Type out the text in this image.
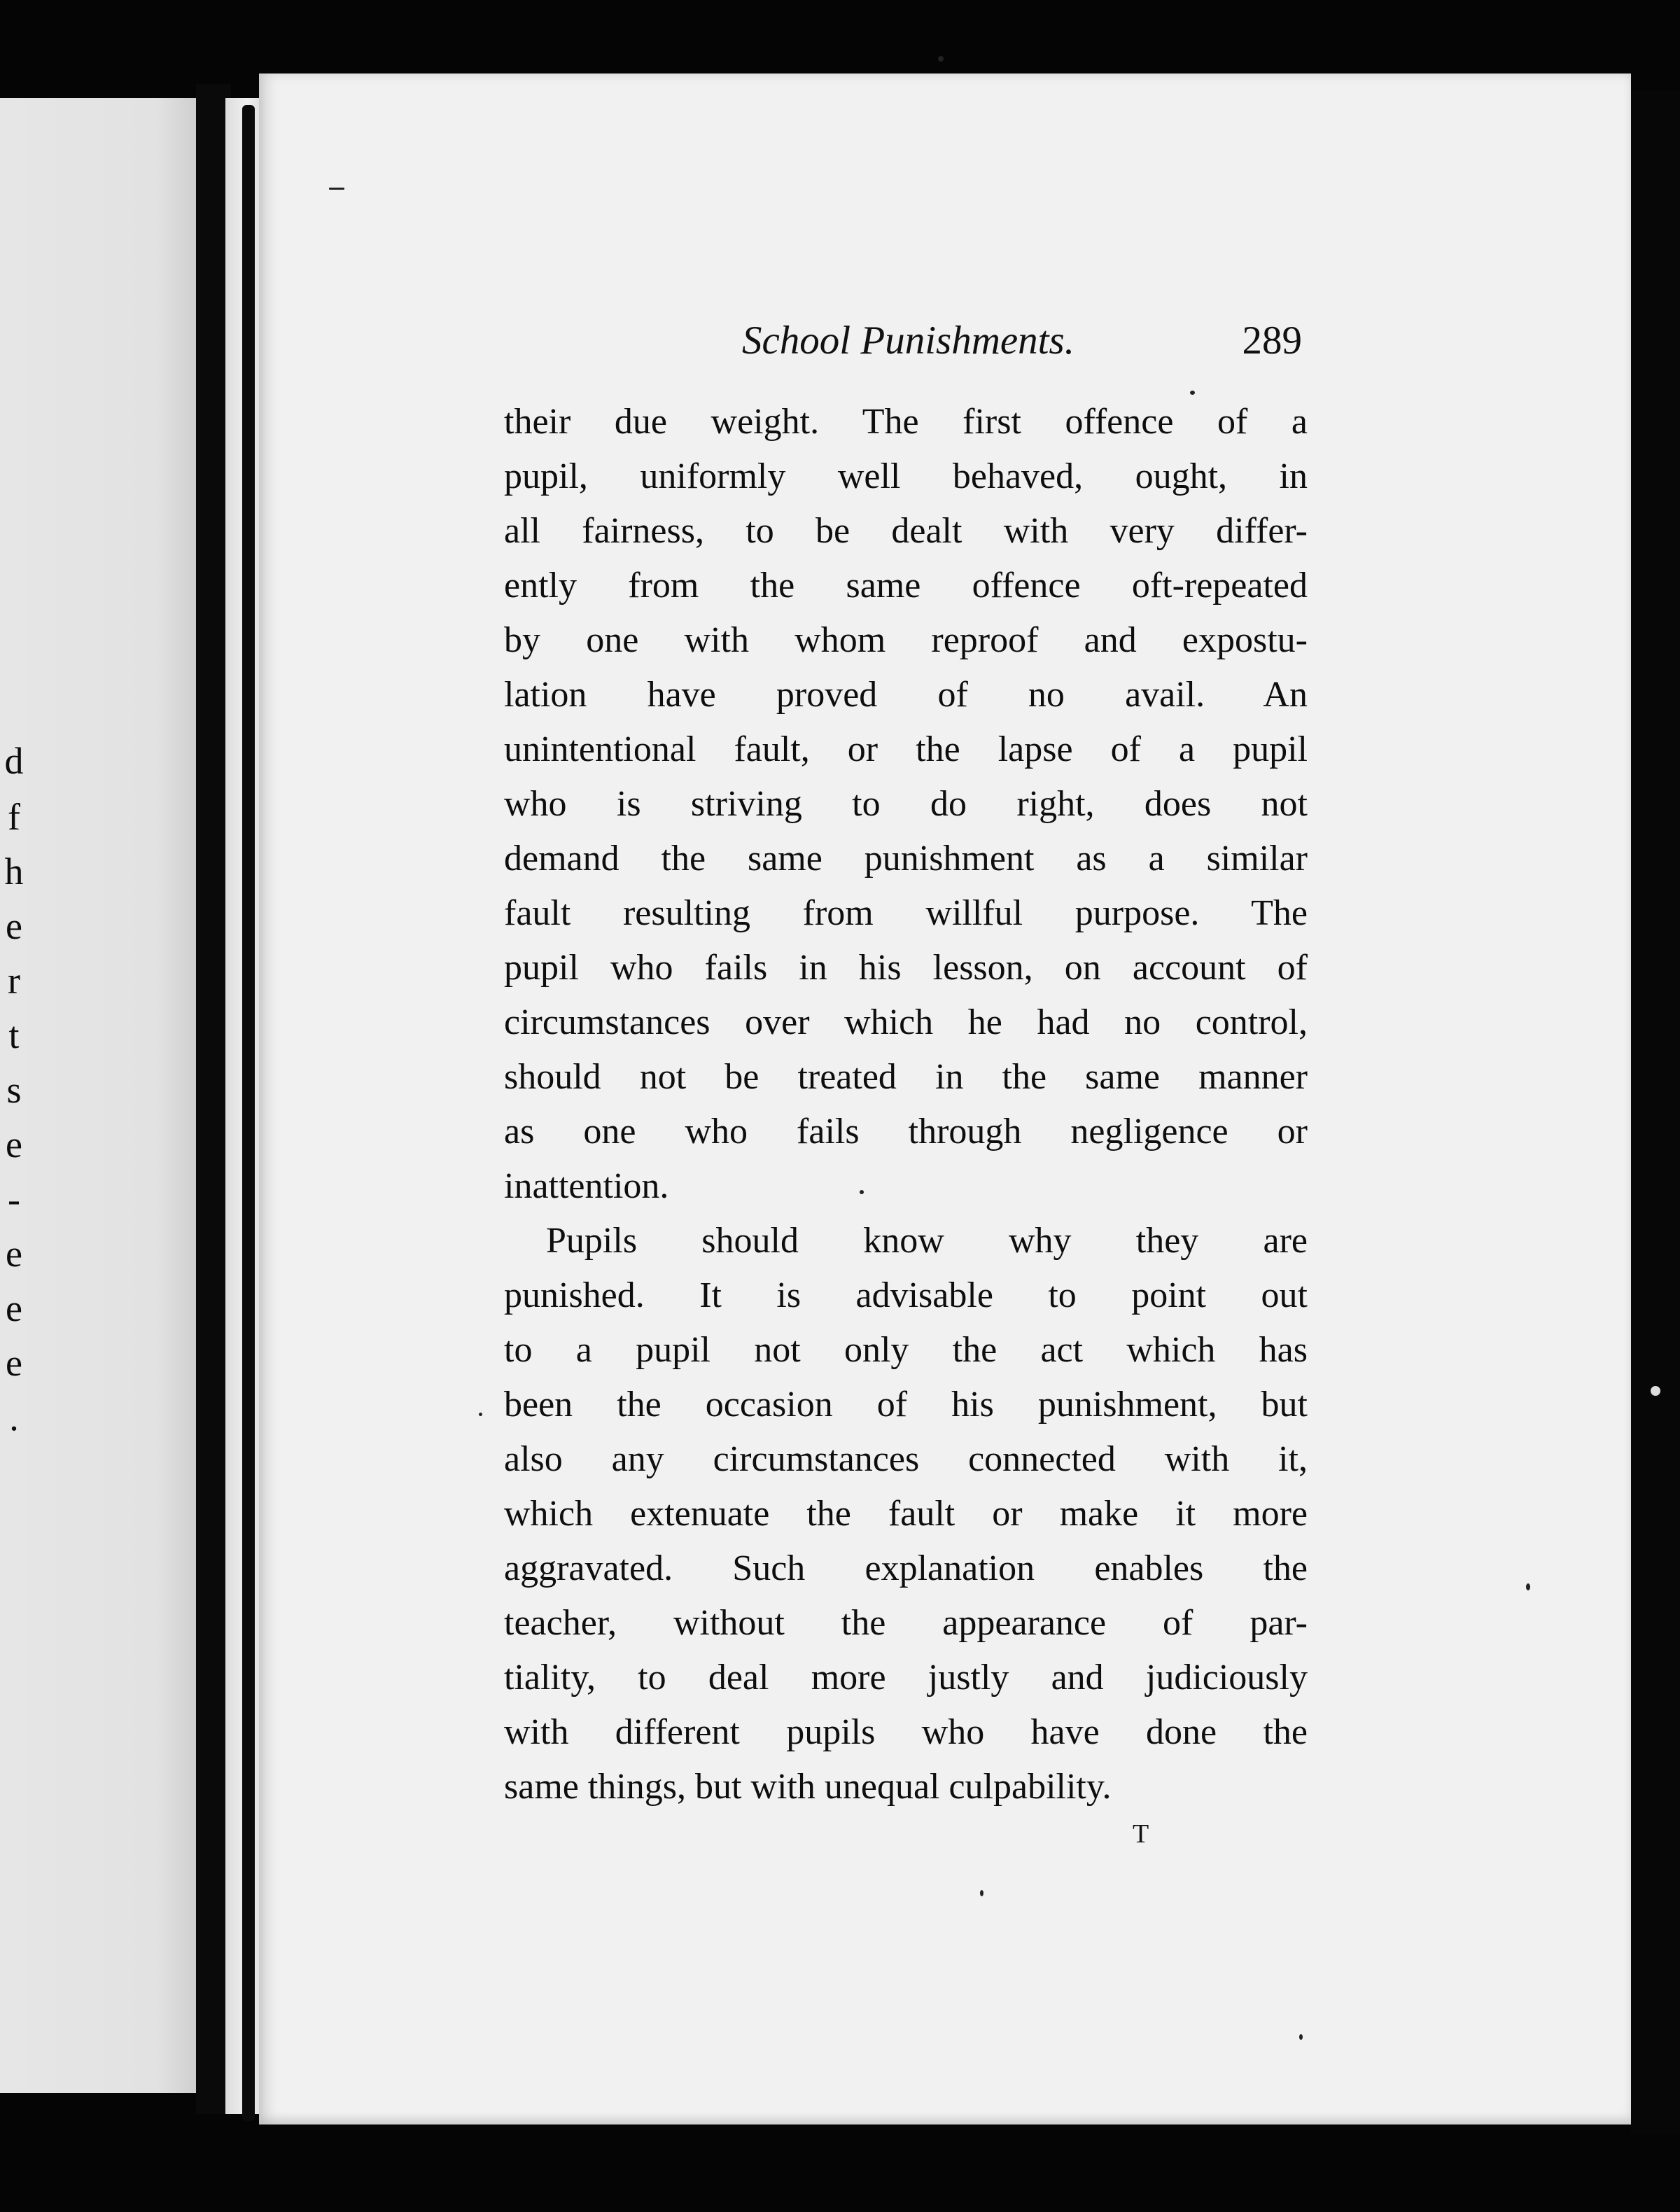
d
f
h
e
r
t
s
e
-
e
e
e
.
School Punishments.	289
their due weight. The first offence of a
pupil, uniformly well behaved, ought, in
all fairness, to be dealt with very differ-
ently from the same offence oft-repeated
by one with whom reproof and expostu-
lation have proved of no avail. An
unintentional fault, or the lapse of a pupil
who is striving to do right, does not
demand the same punishment as a similar
fault resulting from willful purpose. The
pupil who fails in his lesson, on account of
circumstances over which he had no control,
should not be treated in the same manner
as one who fails through negligence or
inattention.
Pupils should know why they are
punished. It is advisable to point out
to a pupil not only the act which has
been the occasion of his punishment, but
also any circumstances connected with it,
which extenuate the fault or make it more
aggravated. Such explanation enables the
teacher, without the appearance of par-
tiality, to deal more justly and judiciously
with different pupils who have done the
same things, but with unequal culpability.
T
